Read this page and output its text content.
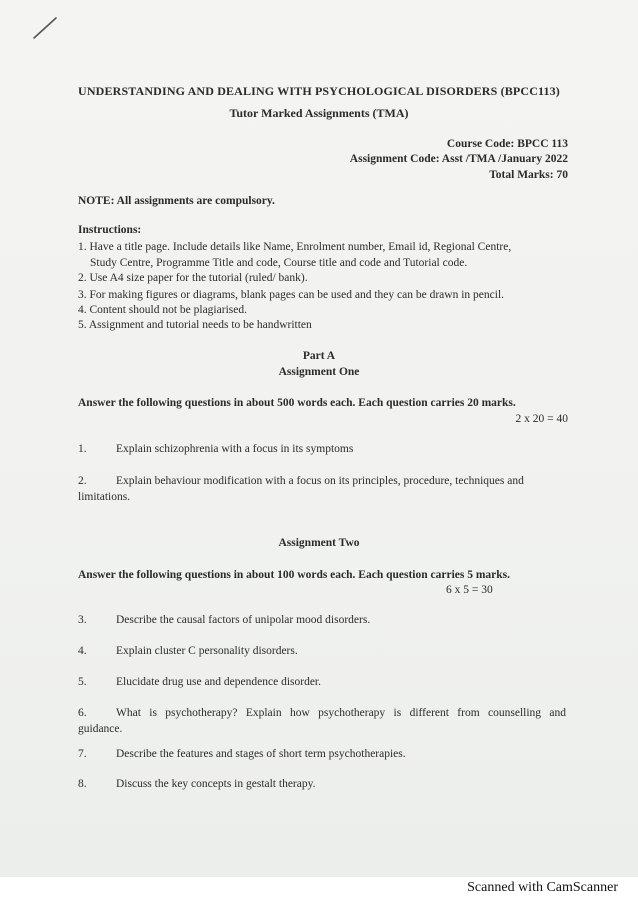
UNDERSTANDING AND DEALING WITH PSYCHOLOGICAL DISORDERS (BPCC113)
Tutor Marked Assignments (TMA)
Course Code: BPCC 113
Assignment Code: Asst /TMA /January 2022
Total Marks: 70
NOTE: All assignments are compulsory.
Instructions:
1. Have a title page. Include details like Name, Enrolment number, Email id, Regional Centre,
Study Centre, Programme Title and code, Course title and code and Tutorial code.
2. Use A4 size paper for the tutorial (ruled/ bank).
3. For making figures or diagrams, blank pages can be used and they can be drawn in pencil.
4. Content should not be plagiarised.
5. Assignment and tutorial needs to be handwritten
Part A
Assignment One
Answer the following questions in about 500 words each. Each question carries 20 marks.
2 x 20 = 40
1.	Explain schizophrenia with a focus in its symptoms
2.	Explain behaviour modification with a focus on its principles, procedure, techniques and
limitations.
Assignment Two
Answer the following questions in about 100 words each. Each question carries 5 marks.
6 x 5 = 30
3.	Describe the causal factors of unipolar mood disorders.
4.	Explain cluster C personality disorders.
5.	Elucidate drug use and dependence disorder.
6.	What is psychotherapy? Explain how psychotherapy is different from counselling and
guidance.
7.	Describe the features and stages of short term psychotherapies.
8.	Discuss the key concepts in gestalt therapy.
Scanned with CamScanner
